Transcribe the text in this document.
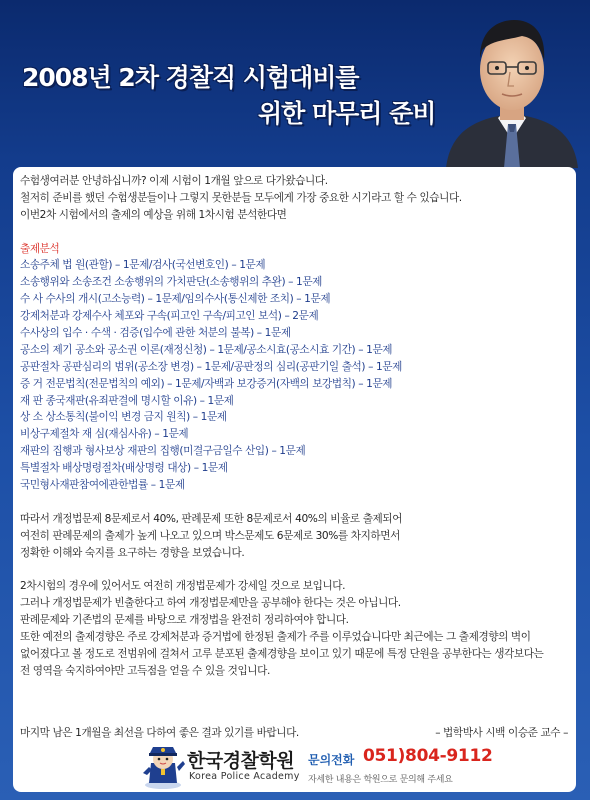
2008년 2차 경찰직 시험대비를
위한 마무리 준비
수험생여러분 안녕하십니까? 이제 시험이 1개월 앞으로 다가왔습니다.
철저히 준비를 했던 수험생분들이나 그렇지 못한분들 모두에게 가장 중요한 시기라고 할 수 있습니다.
이번2차 시험에서의 출제의 예상을 위해 1차시험 분석한다면
출제분석
소송주체 법 원(관할) – 1문제/검사(국선변호인) – 1문제
소송행위와 소송조건 소송행위의 가치판단(소송행위의 추완) – 1문제
수 사 수사의 개시(고소능력) – 1문제/임의수사(통신제한 조치) – 1문제
강제처분과 강제수사 체포와 구속(피고인 구속/피고인 보석) – 2문제
수사상의 입수 · 수색 · 검증(입수에 관한 처분의 불복) – 1문제
공소의 제기 공소와 공소권 이론(재정신청) – 1문제/공소시효(공소시효 기간) – 1문제
공판절차 공판심리의 범위(공소장 변경) – 1문제/공판정의 심리(공판기일 출석) – 1문제
증 거 전문법칙(전문법칙의 예외) – 1문제/자백과 보강증거(자백의 보강법칙) – 1문제
재 판 종국재판(유죄판결에 명시할 이유) – 1문제
상 소 상소통칙(불이익 변경 금지 원칙) – 1문제
비상구제절차 재 심(재심사유) – 1문제
재판의 집행과 형사보상 재판의 집행(미결구금일수 산입) – 1문제
특별절차 배상명령절차(배상명령 대상) – 1문제
국민형사재판참여에관한법률 – 1문제
따라서 개정법문제 8문제로서 40%, 판례문제 또한 8문제로서 40%의 비율로 출제되어
여전히 판례문제의 출제가 높게 나오고 있으며 박스문제도 6문제로 30%를 차지하면서
정확한 이해와 숙지를 요구하는 경향을 보였습니다.
2차시험의 경우에 있어서도 여전히 개정법문제가 강세일 것으로 보입니다.
그러나 개정법문제가 빈출한다고 하여 개정법문제만을 공부해야 한다는 것은 아닙니다.
판례문제와 기존법의 문제를 바탕으로 개정법을 완전히 정리하여야 합니다.
또한 예전의 출제경향은 주로 강제처분과 증거법에 한정된 출제가 주를 이루었습니다만 최근에는 그 출제경향의 벽이
없어졌다고 볼 정도로 전범위에 걸쳐서 고루 분포된 출제경향을 보이고 있기 때문에 특정 단원을 공부한다는 생각보다는
전 영역을 숙지하여야만 고득점을 얻을 수 있을 것입니다.
마지막 남은 1개월을 최선을 다하여 좋은 결과 있기를 바랍니다.	– 법학박사 시백 이승준 교수 –
한국경찰학원
Korea Police Academy
문의전화 051)804-9112
자세한 내용은 학원으로 문의해 주세요
